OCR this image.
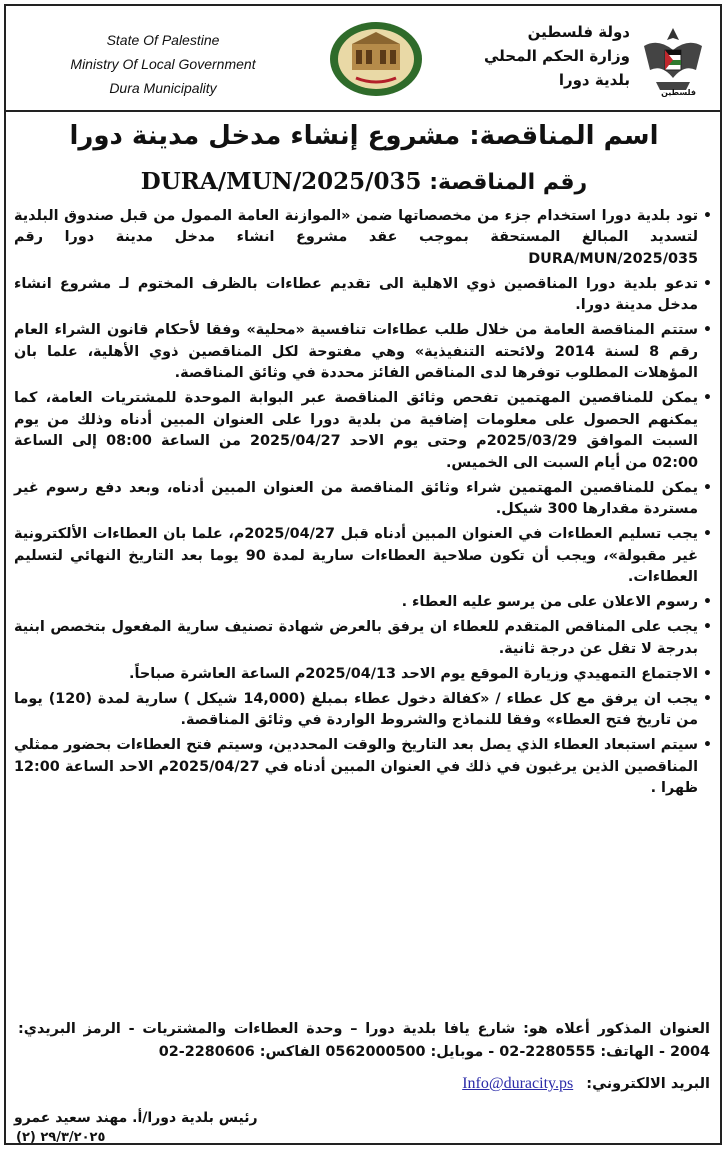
State Of Palestine
Ministry Of Local Government
Dura Municipality
دولة فلسطين
وزارة الحكم المحلي
بلدية دورا
فلسطين
اسم المناقصة: مشروع إنشاء مدخل مدينة دورا
رقم المناقصة: DURA/MUN/2025/035
• تود بلدية دورا استخدام جزء من مخصصاتها ضمن «الموازنة العامة الممول من قبل صندوق البلدية لتسديد المبالغ المستحقة بموجب عقد مشروع انشاء مدخل مدينة دورا رقم DURA/MUN/2025/035
• تدعو بلدية دورا المناقصين ذوي الاهلية الى تقديم عطاءات بالظرف المختوم لـ مشروع انشاء مدخل مدينة دورا.
• ستتم المناقصة العامة من خلال طلب عطاءات تنافسية «محلية» وفقا لأحكام قانون الشراء العام رقم 8 لسنة 2014 ولائحته التنفيذية» وهي مفتوحة لكل المناقصين ذوي الأهلية، علما بان المؤهلات المطلوب توفرها لدى المناقص الفائز محددة في وثائق المناقصة.
• يمكن للمناقصين المهتمين تفحص وثائق المناقصة عبر البوابة الموحدة للمشتريات العامة، كما يمكنهم الحصول على معلومات إضافية من بلدية دورا على العنوان المبين أدناه وذلك من يوم السبت الموافق 2025/03/29م وحتى يوم الاحد 2025/04/27 من الساعة 08:00 إلى الساعة 02:00 من أيام السبت الى الخميس.
• يمكن للمناقصين المهتمين شراء وثائق المناقصة من العنوان المبين أدناه، وبعد دفع رسوم غير مستردة مقدارها 300 شيكل.
• يجب تسليم العطاءات في العنوان المبين أدناه قبل 2025/04/27م، علما بان العطاءات الألكترونية غير مقبولة»، ويجب أن تكون صلاحية العطاءات سارية لمدة 90 يوما بعد التاريخ النهائي لتسليم العطاءات.
• رسوم الاعلان على من يرسو عليه العطاء .
• يجب على المناقص المتقدم للعطاء ان يرفق بالعرض شهادة تصنيف سارية المفعول بتخصص ابنية بدرجة لا تقل عن درجة ثانية.
• الاجتماع التمهيدي وزيارة الموقع يوم الاحد 2025/04/13م الساعة العاشرة صباحاً.
• يجب ان يرفق مع كل عطاء / «كفالة دخول عطاء بمبلغ (14,000 شيكل ) سارية لمدة (120) يوما من تاريخ فتح العطاء» وفقا للنماذج والشروط الواردة في وثائق المناقصة.
• سيتم استبعاد العطاء الذي يصل بعد التاريخ والوقت المحددين، وسيتم فتح العطاءات بحضور ممثلي المناقصين الذين يرغبون في ذلك في العنوان المبين أدناه في 2025/04/27م الاحد الساعة 12:00 ظهرا .
العنوان المذكور أعلاه هو: شارع يافا بلدية دورا – وحدة العطاءات والمشتريات - الرمز البريدي: 2004 - الهاتف: 2280555-02 - موبايل: 0562000500 الفاكس: 2280606-02
البريد الالكتروني: Info@duracity.ps
رئيس بلدية دورا/أ. مهند سعيد عمرو
٢٩/٣/٢٠٢٥ (٢)
